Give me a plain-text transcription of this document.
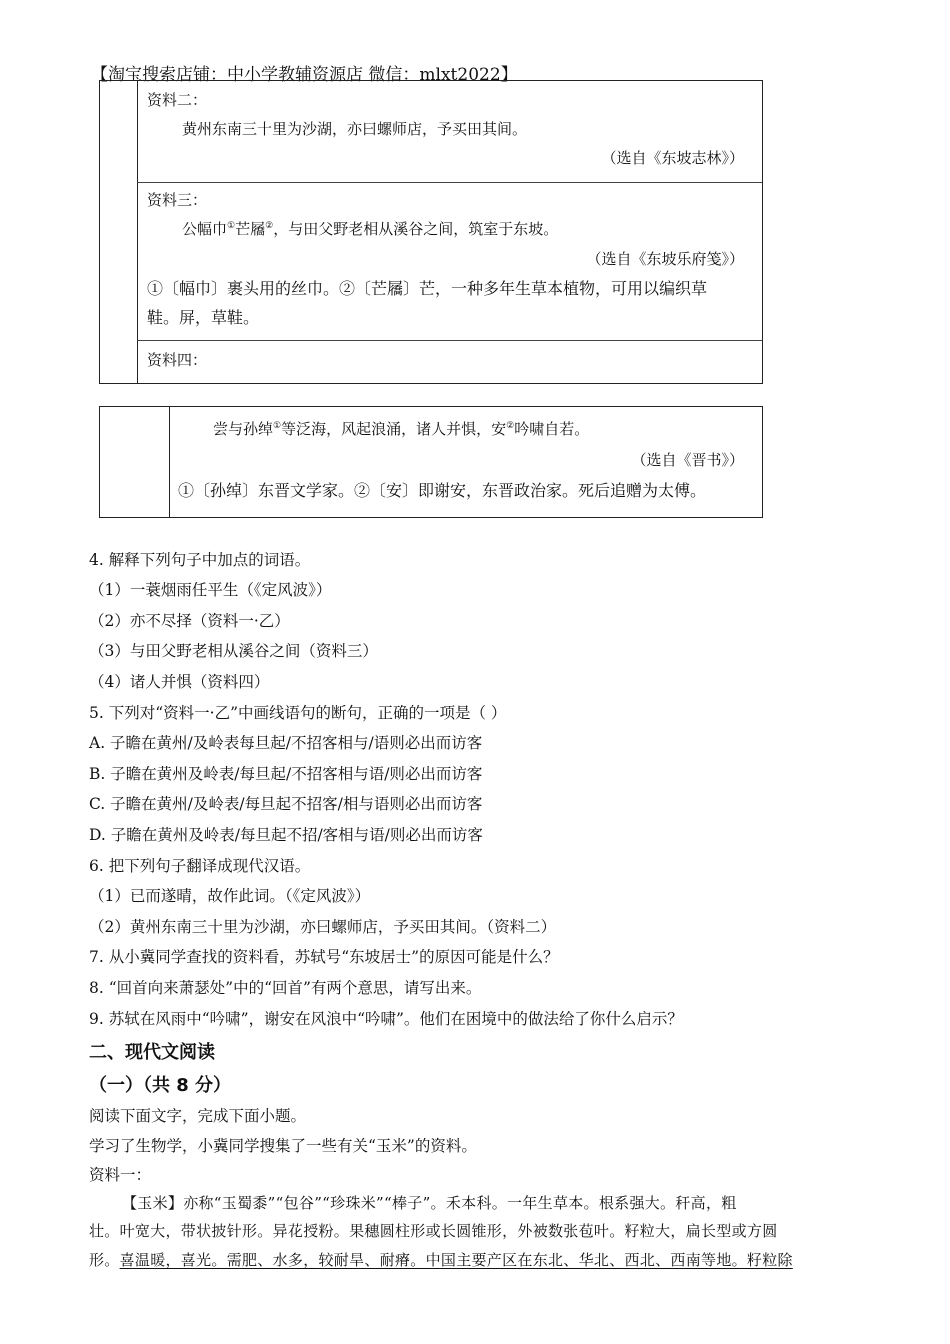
【淘宝搜索店铺：中小学教辅资源店 微信：mlxt2022】
资料二：
黄州东南三十里为沙湖，亦曰螺师店，予买田其间。
（选自《东坡志林》）
资料三：
公幅巾①芒屩②，与田父野老相从溪谷之间，筑室于东坡。
（选自《东坡乐府笺》）
①〔幅巾〕裹头用的丝巾。②〔芒屩〕芒，一种多年生草本植物，可用以编织草
鞋。屏，草鞋。
资料四：
尝与孙绰①等泛海，风起浪涌，诸人并惧，安②吟啸自若。
（选自《晋书》）
①〔孙绰〕东晋文学家。②〔安〕即谢安，东晋政治家。死后追赠为太傅。
4. 解释下列句子中加点的词语。
（1）一蓑烟雨任平生（《定风波》）
（2）亦不尽择（资料一·乙）
（3）与田父野老相从溪谷之间（资料三）
（4）诸人并惧（资料四）
5. 下列对“资料一·乙”中画线语句的断句，正确的一项是（ ）
A. 子瞻在黄州/及岭表每旦起/不招客相与/语则必出而访客
B. 子瞻在黄州及岭表/每旦起/不招客相与语/则必出而访客
C. 子瞻在黄州/及岭表/每旦起不招客/相与语则必出而访客
D. 子瞻在黄州及岭表/每旦起不招/客相与语/则必出而访客
6. 把下列句子翻译成现代汉语。
（1）已而遂晴，故作此词。（《定风波》）
（2）黄州东南三十里为沙湖，亦曰螺师店，予买田其间。（资料二）
7. 从小冀同学查找的资料看，苏轼号“东坡居士”的原因可能是什么？
8. “回首向来萧瑟处”中的“回首”有两个意思，请写出来。
9. 苏轼在风雨中“吟啸”，谢安在风浪中“吟啸”。他们在困境中的做法给了你什么启示？
二、现代文阅读
（一）（共 8 分）
阅读下面文字，完成下面小题。
学习了生物学，小冀同学搜集了一些有关“玉米”的资料。
资料一：
【玉米】亦称“玉蜀黍”“包谷”“珍珠米”“棒子”。禾本科。一年生草本。根系强大。秆高，粗
壮。叶宽大，带状披针形。异花授粉。果穗圆柱形或长圆锥形，外被数张苞叶。籽粒大，扁长型或方圆
形。喜温暖，喜光。需肥、水多，较耐旱、耐瘠。中国主要产区在东北、华北、西北、西南等地。籽粒除
